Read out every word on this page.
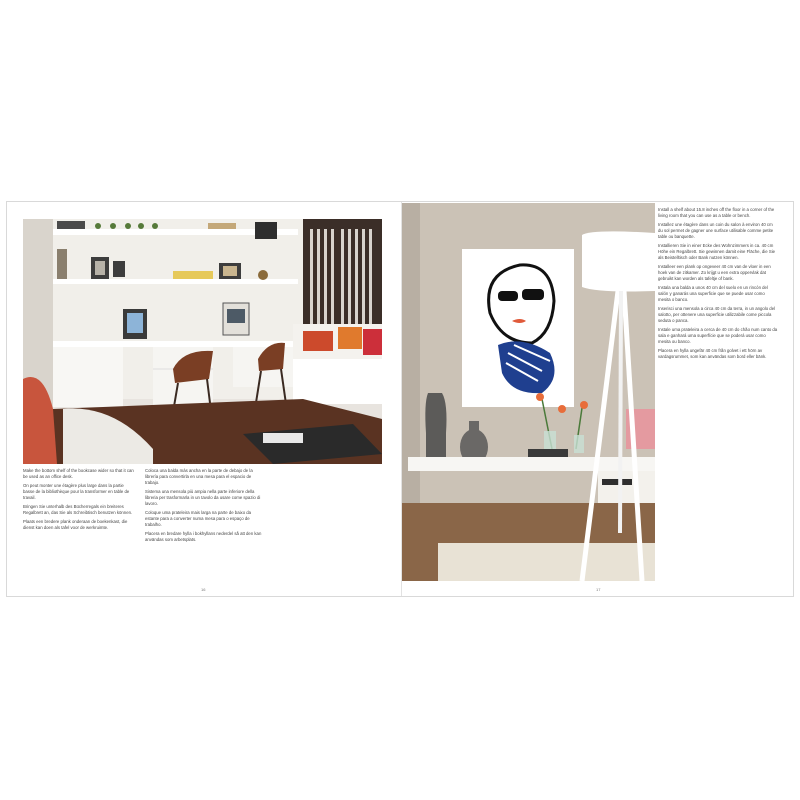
Make the bottom shelf of the bookcase wider so that it can be used as an office desk.

On peut monter une étagère plus large dans la partie basse de la bibliothèque pour la transformer en table de travail.

Bringen Sie unterhalb des Bücherregals ein breiteres Regalbrett an, das Sie als Schreibtisch benutzen können.

Plaats een bredere plank onderaan de boekenkast, die dienst kan doen als tafel voor de werkruimte.

Coloca una balda más ancha en la parte de debajo de la librería para convertirla en una mesa para el espacio de trabajo.

Sistema una mensola più ampia nella parte inferiore della libreria per trasformarla in un tavolo da usare come spazio di lavoro.

Coloque uma prateleira mais larga na parte de baixo da estante para a converter numa mesa para o espaço de trabalho.

Placera en bredare hylla i bokhyllans nederdel så att den kan användas som arbetsplats.

16

Install a shelf about 15.8 inches off the floor in a corner of the living room that you can use as a table or bench.

Installez une étagère dans un coin du salon à environ 40 cm du sol permet de gagner une surface utilisable comme petite table ou banquette.

Installieren Sie in einer Ecke des Wohnzimmers in ca. 40 cm Höhe ein Regalbrett. Sie gewinnen damit eine Fläche, die Sie als Beistelltisch oder Bank nutzen können.

Installeer een plank op ongeveer 40 cm van de vloer in een hoek van de zitkamer. Zo krijgt u een extra oppervlak dat gebruikt kan worden als tafeltje of bank.

Instala una balda a unos 40 cm del suelo en un rincón del salón y ganarás una superficie que se puede usar como mesita o banco.

Inserisci una mensola a circa 40 cm da terra, in un angolo del salotto, per ottenere una superficie utilizzabile come piccola seduta o panca.

Instale uma prateleira a cerca de 40 cm do chão num canto da sala e ganhará uma superfície que se poderá usar como mesita ou banco.

Placera en hylla ungefär 40 cm från golvet i ett hörn av vardagsrummet, som kan användas som bord eller bänk.

17
